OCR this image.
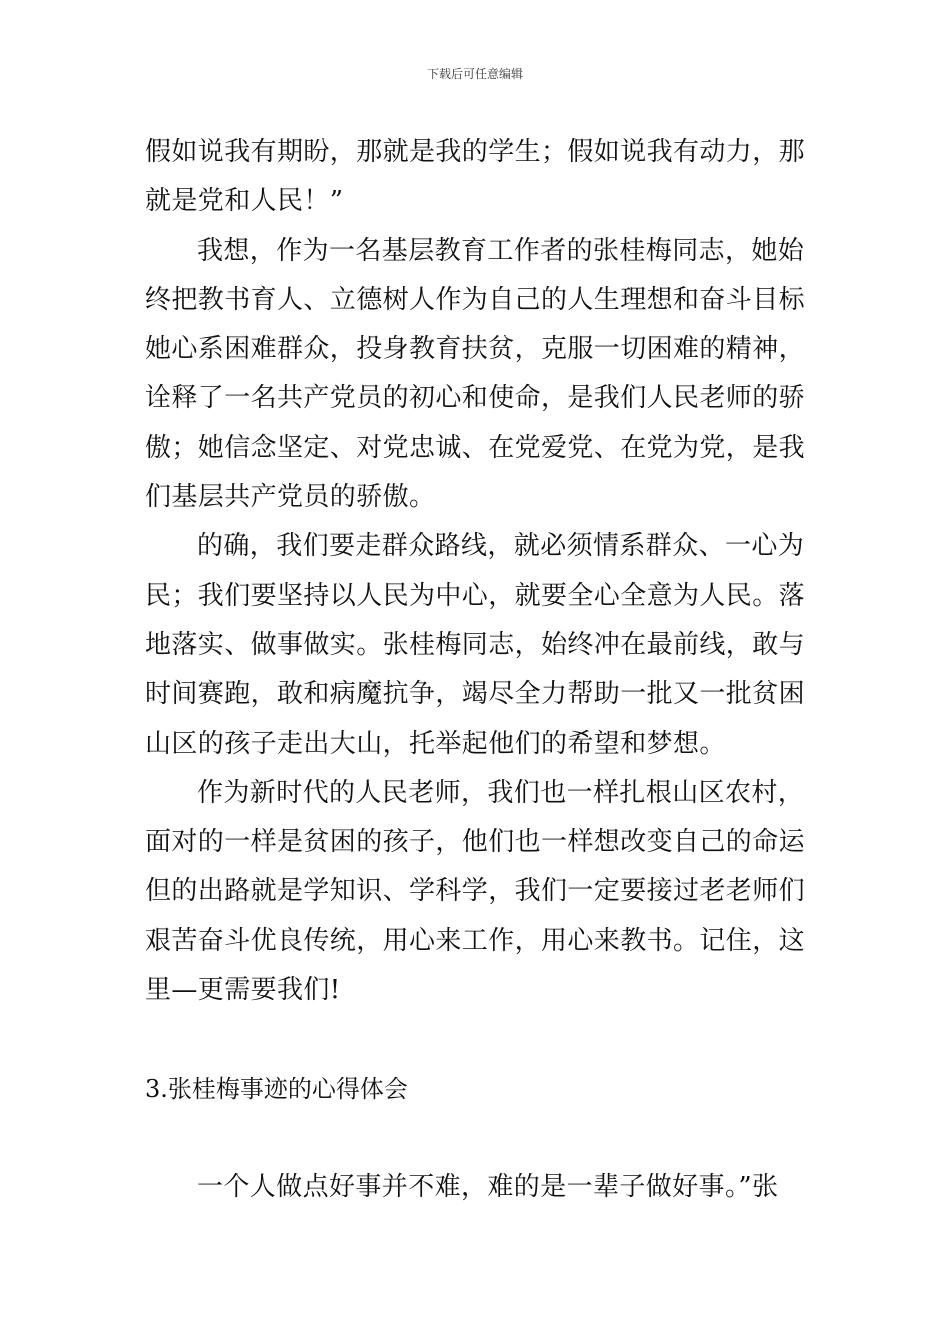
下载后可任意编辑
假如说我有期盼，那就是我的学生；假如说我有动力，那
就是党和人民！”
我想，作为一名基层教育工作者的张桂梅同志，她始
终把教书育人、立德树人作为自己的人生理想和奋斗目标
她心系困难群众，投身教育扶贫，克服一切困难的精神，
诠释了一名共产党员的初心和使命，是我们人民老师的骄
傲；她信念坚定、对党忠诚、在党爱党、在党为党，是我
们基层共产党员的骄傲。
的确，我们要走群众路线，就必须情系群众、一心为
民；我们要坚持以人民为中心，就要全心全意为人民。落
地落实、做事做实。张桂梅同志，始终冲在最前线，敢与
时间赛跑，敢和病魔抗争，竭尽全力帮助一批又一批贫困
山区的孩子走出大山，托举起他们的希望和梦想。
作为新时代的人民老师，我们也一样扎根山区农村，
面对的一样是贫困的孩子，他们也一样想改变自己的命运
但的出路就是学知识、学科学，我们一定要接过老老师们
艰苦奋斗优良传统，用心来工作，用心来教书。记住，这
里—更需要我们!
3.张桂梅事迹的心得体会
一个人做点好事并不难，难的是一辈子做好事。”张
